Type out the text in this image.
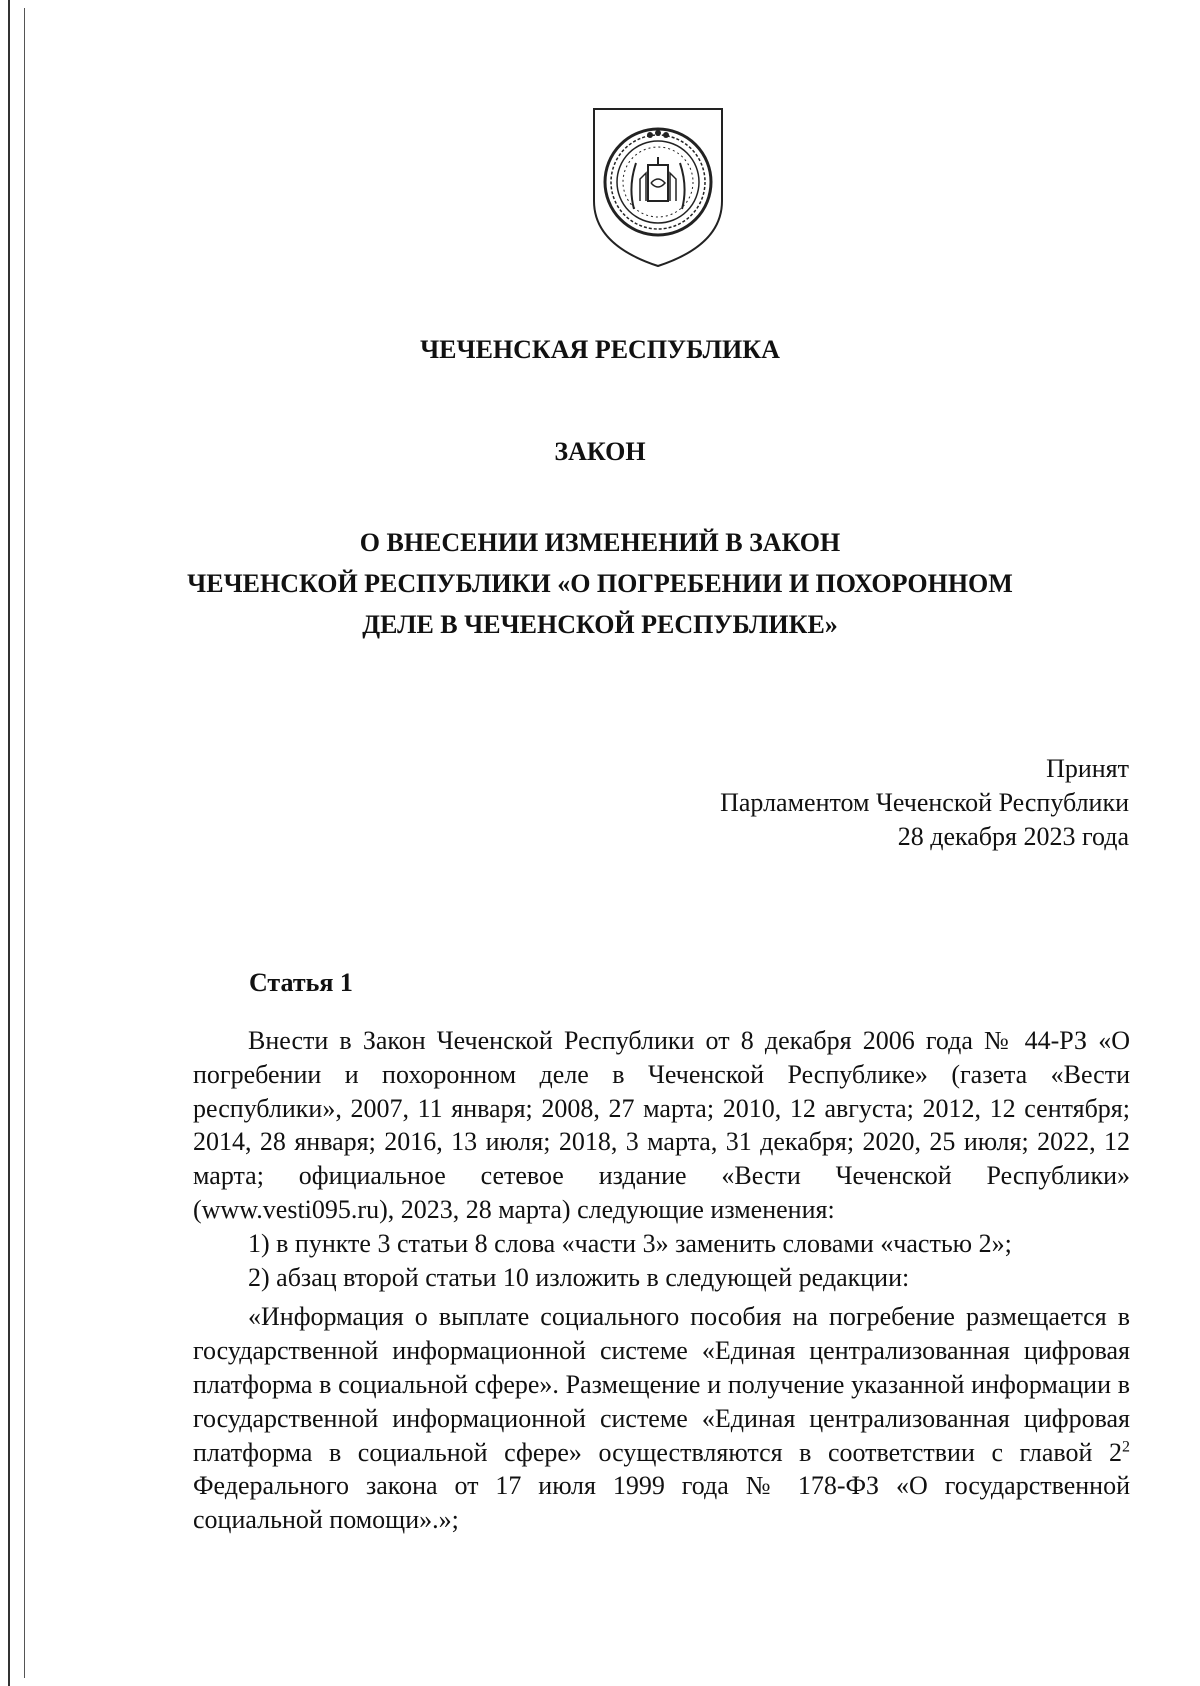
ЧЕЧЕНСКАЯ РЕСПУБЛИКА
ЗАКОН
О ВНЕСЕНИИ ИЗМЕНЕНИЙ В ЗАКОН
ЧЕЧЕНСКОЙ РЕСПУБЛИКИ «О ПОГРЕБЕНИИ И ПОХОРОННОМ
ДЕЛЕ В ЧЕЧЕНСКОЙ РЕСПУБЛИКЕ»
Принят
Парламентом Чеченской Республики
28 декабря 2023 года
Статья 1

Внести в Закон Чеченской Республики от 8 декабря 2006 года № 44-РЗ «О погребении и похоронном деле в Чеченской Республике» (газета «Вести республики», 2007, 11 января; 2008, 27 марта; 2010, 12 августа; 2012, 12 сентября; 2014, 28 января; 2016, 13 июля; 2018, 3 марта, 31 декабря; 2020, 25 июля; 2022, 12 марта; официальное сетевое издание «Вести Чеченской Республики» (www.vesti095.ru), 2023, 28 марта) следующие изменения:

1) в пункте 3 статьи 8 слова «части 3» заменить словами «частью 2»;

2) абзац второй статьи 10 изложить в следующей редакции:

«Информация о выплате социального пособия на погребение размещается в государственной информационной системе «Единая централизованная цифровая платформа в социальной сфере». Размещение и получение указанной информации в государственной информационной системе «Единая централизованная цифровая платформа в социальной сфере» осуществляются в соответствии с главой $2^2$ Федерального закона от 17 июля 1999 года № 178-ФЗ «О государственной социальной помощи».»;
